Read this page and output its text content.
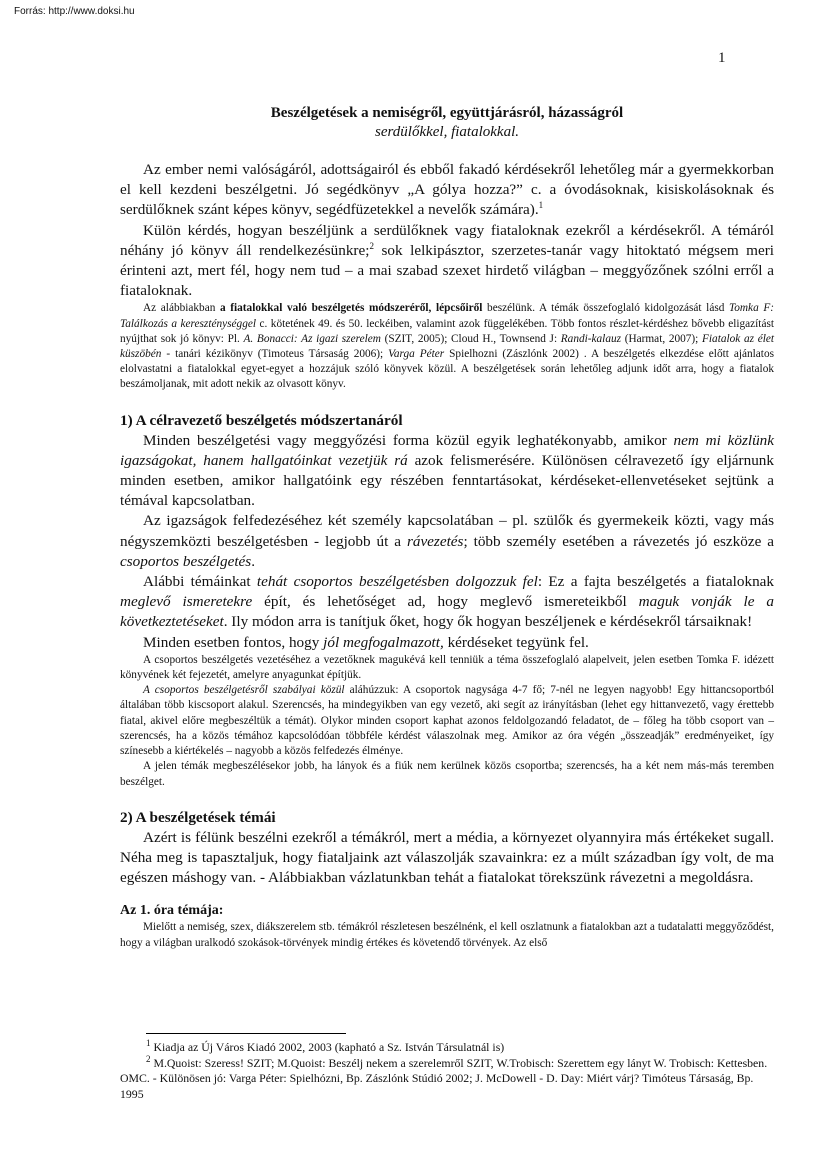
Forrás: http://www.doksi.hu
1
Beszélgetések a nemiségről, együttjárásról, házasságról
serdülőkkel, fiatalokkal.

Az ember nemi valóságáról, adottságairól és ebből fakadó kérdésekről lehetőleg már a gyermekkorban el kell kezdeni beszélgetni. Jó segédkönyv „A gólya hozza?” c. a óvodásoknak, kisiskolásoknak és serdülőknek szánt képes könyv, segédfüzetekkel a nevelők számára).$^1$

Külön kérdés, hogyan beszéljünk a serdülőknek vagy fiataloknak ezekről a kérdésekről. A témáról néhány jó könyv áll rendelkezésünkre;$^2$ sok lelkipásztor, szerzetes-tanár vagy hitoktató mégsem meri érinteni azt, mert fél, hogy nem tud – a mai szabad szexet hirdető világban – meggyőzőnek szólni erről a fiataloknak.

Az alábbiakban a fiatalokkal való beszélgetés módszeréről, lépcsőiről beszélünk. A témák összefoglaló kidolgozását lásd Tomka F: Találkozás a kereszténységgel c. kötetének 49. és 50. leckéiben, valamint azok függelékében. Több fontos részlet-kérdéshez bővebb eligazítást nyújthat sok jó könyv: Pl. A. Bonacci: Az igazi szerelem (SZIT, 2005); Cloud H., Townsend J: Randi-kalauz (Harmat, 2007); Fiatalok az élet küszöbén - tanári kézikönyv (Timoteus Társaság 2006); Varga Péter Spielhozni (Zászlónk 2002) . A beszélgetés elkezdése előtt ajánlatos elolvastatni a fiatalokkal egyet-egyet a hozzájuk szóló könyvek közül. A beszélgetések során lehetőleg adjunk időt arra, hogy a fiatalok beszámoljanak, mit adott nekik az olvasott könyv.

1) A célravezető beszélgetés módszertanáról

Minden beszélgetési vagy meggyőzési forma közül egyik leghatékonyabb, amikor nem mi közlünk igazságokat, hanem hallgatóinkat vezetjük rá azok felismerésére. Különösen célravezető így eljárnunk minden esetben, amikor hallgatóink egy részében fenntartásokat, kérdéseket-ellenvetéseket sejtünk a témával kapcsolatban.

Az igazságok felfedezéséhez két személy kapcsolatában – pl. szülők és gyermekeik közti, vagy más négyszemközti beszélgetésben - legjobb út a rávezetés; több személy esetében a rávezetés jó eszköze a csoportos beszélgetés.

Alábbi témáinkat tehát csoportos beszélgetésben dolgozzuk fel: Ez a fajta beszélgetés a fiataloknak meglevő ismeretekre épít, és lehetőséget ad, hogy meglevő ismereteikből maguk vonják le a következtetéseket. Ily módon arra is tanítjuk őket, hogy ők hogyan beszéljenek e kérdésekről társaiknak!

Minden esetben fontos, hogy jól megfogalmazott, kérdéseket tegyünk fel.

A csoportos beszélgetés vezetéséhez a vezetőknek magukévá kell tenniük a téma összefoglaló alapelveit, jelen esetben Tomka F. idézett könyvének két fejezetét, amelyre anyagunkat építjük.

A csoportos beszélgetésről szabályai közül aláhúzzuk: A csoportok nagysága 4-7 fő; 7-nél ne legyen nagyobb! Egy hittancsoportból általában több kiscsoport alakul. Szerencsés, ha mindegyikben van egy vezető, aki segít az irányításban (lehet egy hittanvezető, vagy érettebb fiatal, akivel előre megbeszéltük a témát). Olykor minden csoport kaphat azonos feldolgozandó feladatot, de – főleg ha több csoport van – szerencsés, ha a közös témához kapcsolódóan többféle kérdést válaszolnak meg. Amikor az óra végén „összeadják” eredményeiket, így színesebb a kiértékelés – nagyobb a közös felfedezés élménye.

A jelen témák megbeszélésekor jobb, ha lányok és a fiúk nem kerülnek közös csoportba; szerencsés, ha a két nem más-más teremben beszélget.

2) A beszélgetések témái

Azért is félünk beszélni ezekről a témákról, mert a média, a környezet olyannyira más értékeket sugall. Néha meg is tapasztaljuk, hogy fiataljaink azt válaszolják szavainkra: ez a múlt században így volt, de ma egészen máshogy van. - Alábbiakban vázlatunkban tehát a fiatalokat törekszünk rávezetni a megoldásra.

Az 1. óra témája:

Mielőtt a nemiség, szex, diákszerelem stb. témákról részletesen beszélnénk, el kell oszlatnunk a fiatalokban azt a tudatalatti meggyőződést, hogy a világban uralkodó szokások-törvények mindig értékes és követendő törvények. Az első

$^1$ Kiadja az Új Város Kiadó 2002, 2003 (kapható a Sz. István Társulatnál is)

$^2$ M.Quoist: Szeress! SZIT; M.Quoist: Beszélj nekem a szerelemről SZIT, W.Trobisch: Szerettem egy lányt W. Trobisch: Kettesben. OMC. - Különösen jó: Varga Péter: Spielhózni, Bp. Zászlónk Stúdió 2002; J. McDowell - D. Day: Miért várj? Timóteus Társaság, Bp. 1995
